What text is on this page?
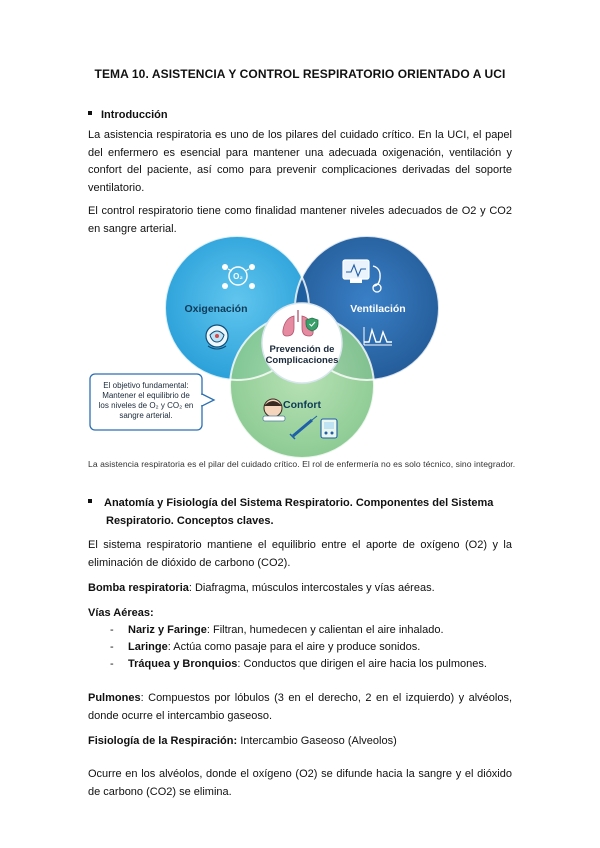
TEMA 10. ASISTENCIA Y CONTROL RESPIRATORIO ORIENTADO A UCI
Introducción
La asistencia respiratoria es uno de los pilares del cuidado crítico. En la UCI, el papel del enfermero es esencial para mantener una adecuada oxigenación, ventilación y confort del paciente, así como para prevenir complicaciones derivadas del soporte ventilatorio.
El control respiratorio tiene como finalidad mantener niveles adecuados de O2 y CO2 en sangre arterial.
Prevención de
Complicaciones
O₂
Oxigenación	Ventilación
Confort
El objetivo fundamental:
Mantener el equilibrio de
los niveles de O₂ y CO₂ en
sangre arterial.
La asistencia respiratoria es el pilar del cuidado crítico. El rol de enfermería no es solo técnico, sino integrador.
Anatomía y Fisiología del Sistema Respiratorio. Componentes del Sistema
Respiratorio. Conceptos claves.
El sistema respiratorio mantiene el equilibrio entre el aporte de oxígeno (O2) y la eliminación de dióxido de carbono (CO2).
Bomba respiratoria: Diafragma, músculos intercostales y vías aéreas.
Vías Aéreas:
- Nariz y Faringe: Filtran, humedecen y calientan el aire inhalado.
- Laringe: Actúa como pasaje para el aire y produce sonidos.
- Tráquea y Bronquios: Conductos que dirigen el aire hacia los pulmones.
Pulmones: Compuestos por lóbulos (3 en el derecho, 2 en el izquierdo) y alvéolos, donde ocurre el intercambio gaseoso.
Fisiología de la Respiración: Intercambio Gaseoso (Alveolos)
Ocurre en los alvéolos, donde el oxígeno (O2) se difunde hacia la sangre y el dióxido de carbono (CO2) se elimina.
